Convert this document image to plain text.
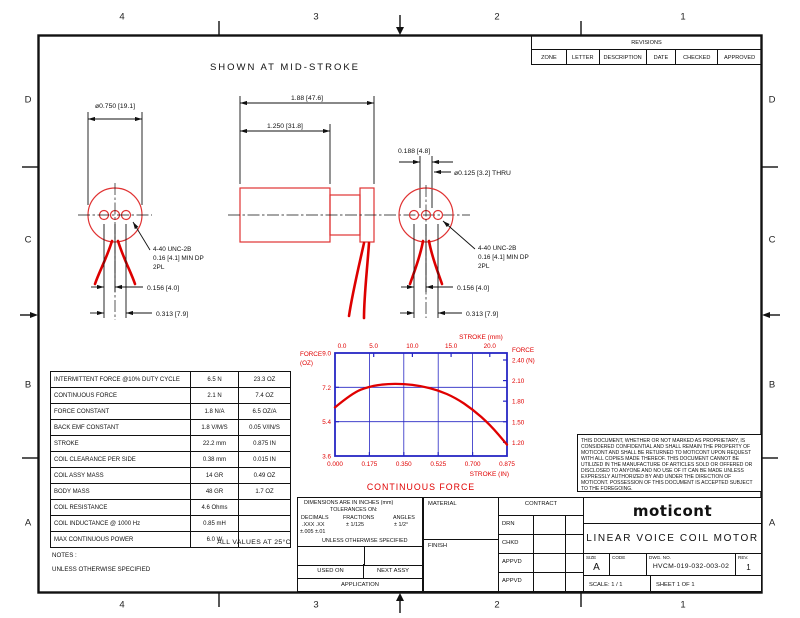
SHOWN AT MID-STROKE
ø0.750 [19.1]
4-40 UNC-2B
0.16 [4.1] MIN DP
2PL
0.156 [4.0]
0.313 [7.9]
1.88 [47.6]
1.250 [31.8]
0.188 [4.8]
ø0.125 [3.2] THRU
4-40 UNC-2B
0.16 [4.1] MIN DP
2PL
0.156 [4.0]
0.313 [7.9]
0.0	5.0	10.0	15.0	20.0
STROKE (mm)
0.000	0.175	0.350	0.525	0.700	0.875
STROKE (IN)
9.0
7.2
5.4
3.6
FORCE
(OZ)
FORCE
2.40 (N)
2.10
1.80
1.50
1.20
CONTINUOUS FORCE
4	3	2	1
4	3	2	1
D
C
B
A
D
C
B
A
REVISIONS
ZONE	LETTER	DESCRIPTION	DATE	CHECKED	APPROVED
INTERMITTENT FORCE @10% DUTY CYCLE	6.5 N	23.3 OZ
CONTINUOUS FORCE	2.1 N	7.4 OZ
FORCE CONSTANT	1.8 N/A	6.5 OZ/A
BACK EMF CONSTANT	1.8 V/M/S	0.05 V/IN/S
STROKE	22.2 mm	0.875 IN
COIL CLEARANCE PER SIDE	0.38 mm	0.015 IN
COIL ASSY MASS	14 GR	0.49 OZ
BODY MASS	48 GR	1.7 OZ
COIL RESISTANCE	4.6 Ohms
COIL INDUCTANCE @ 1000 Hz	0.85 mH
MAX CONTINUOUS POWER	6.0 W
ALL VALUES AT 25°C
NOTES :
UNLESS OTHERWISE SPECIFIED
DIMENSIONS ARE IN INCHES (mm)
TOLERANCES ON:
DECIMALS	FRACTIONS	ANGLES
.XXX .XX	± 1/125	± 1/2°
±.005 ±.01
UNLESS OTHERWISE SPECIFIED
USED ON	NEXT ASSY
APPLICATION
MATERIAL
FINISH
CONTRACT
DRN
CHKD
APPVD
APPVD
THIS DOCUMENT, WHETHER OR NOT MARKED AS PROPRIETARY, IS CONSIDERED CONFIDENTIAL AND SHALL REMAIN THE PROPERTY OF MOTICONT AND SHALL BE RETURNED TO MOTICONT UPON REQUEST WITH ALL COPIES MADE THEREOF. THIS DOCUMENT CANNOT BE UTILIZED IN THE MANUFACTURE OF ARTICLES SOLD OR OFFERED OR DISCLOSED TO ANYONE AND NO USE OF IT CAN BE MADE UNLESS EXPRESSLY AUTHORIZED BY AND UNDER THE DIRECTION OF MOTICONT. POSSESSION OF THIS DOCUMENT IS ACCEPTED SUBJECT TO THE FOREGOING.
moticont
LINEAR VOICE COIL MOTOR
SIZE
A
CODE	DWG. NO.
HVCM-019-032-003-02
REV.
1
SCALE:
1 / 1	SHEET 1 OF 1
